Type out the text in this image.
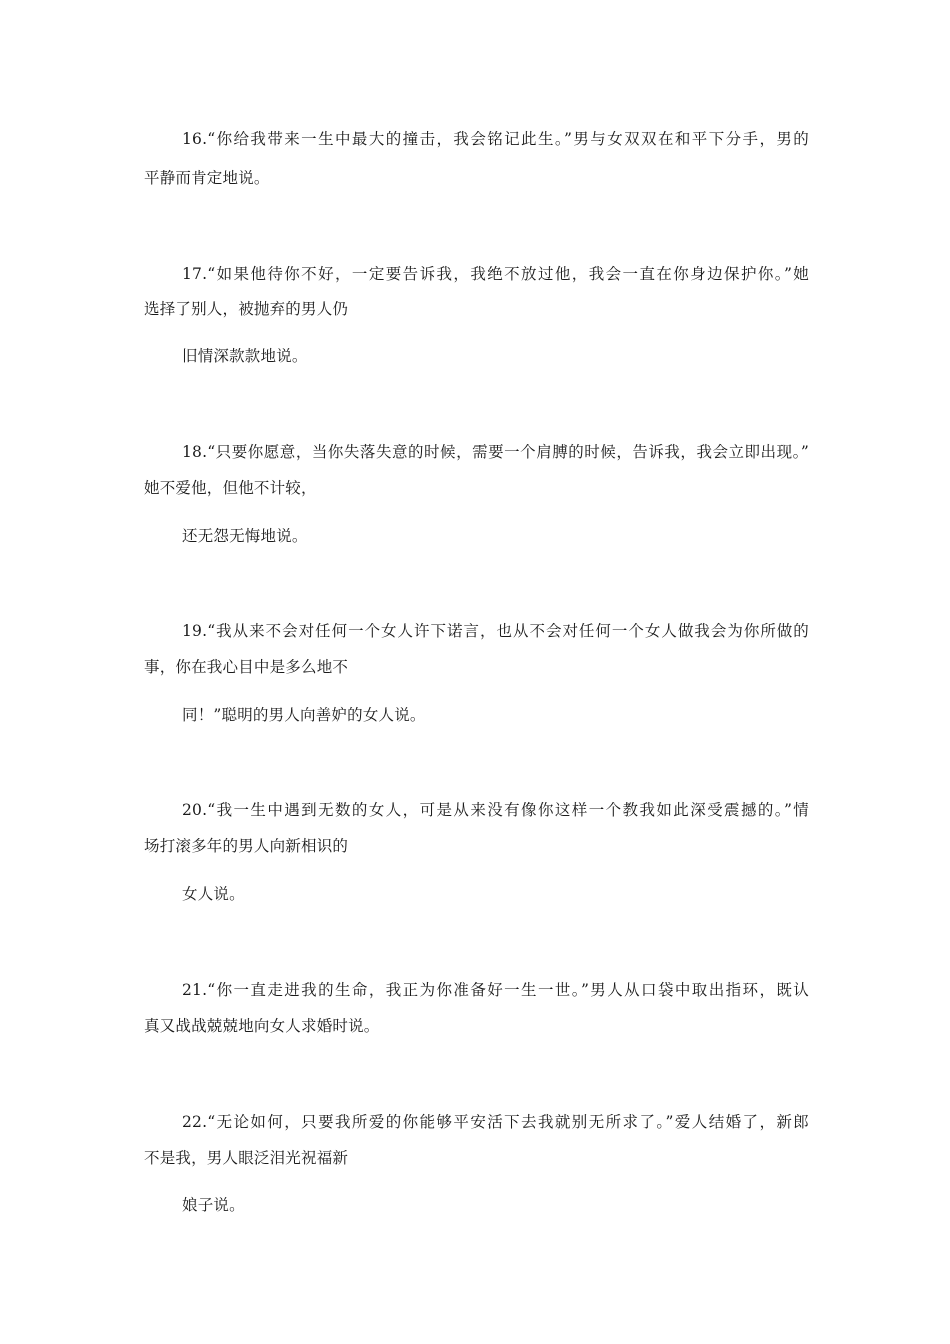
16.“你给我带来一生中最大的撞击，我会铭记此生。”男与女双双在和平下分手，男的
平静而肯定地说。
17.“如果他待你不好，一定要告诉我，我绝不放过他，我会一直在你身边保护你。”她
选择了别人，被抛弃的男人仍
旧情深款款地说。
18.“只要你愿意，当你失落失意的时候，需要一个肩膊的时候，告诉我，我会立即出现。”
她不爱他，但他不计较，
还无怨无悔地说。
19.“我从来不会对任何一个女人许下诺言，也从不会对任何一个女人做我会为你所做的
事，你在我心目中是多么地不
同！”聪明的男人向善妒的女人说。
20.“我一生中遇到无数的女人，可是从来没有像你这样一个教我如此深受震撼的。”情
场打滚多年的男人向新相识的
女人说。
21.“你一直走进我的生命，我正为你准备好一生一世。”男人从口袋中取出指环，既认
真又战战兢兢地向女人求婚时说。
22.“无论如何，只要我所爱的你能够平安活下去我就别无所求了。”爱人结婚了，新郎
不是我，男人眼泛泪光祝福新
娘子说。
